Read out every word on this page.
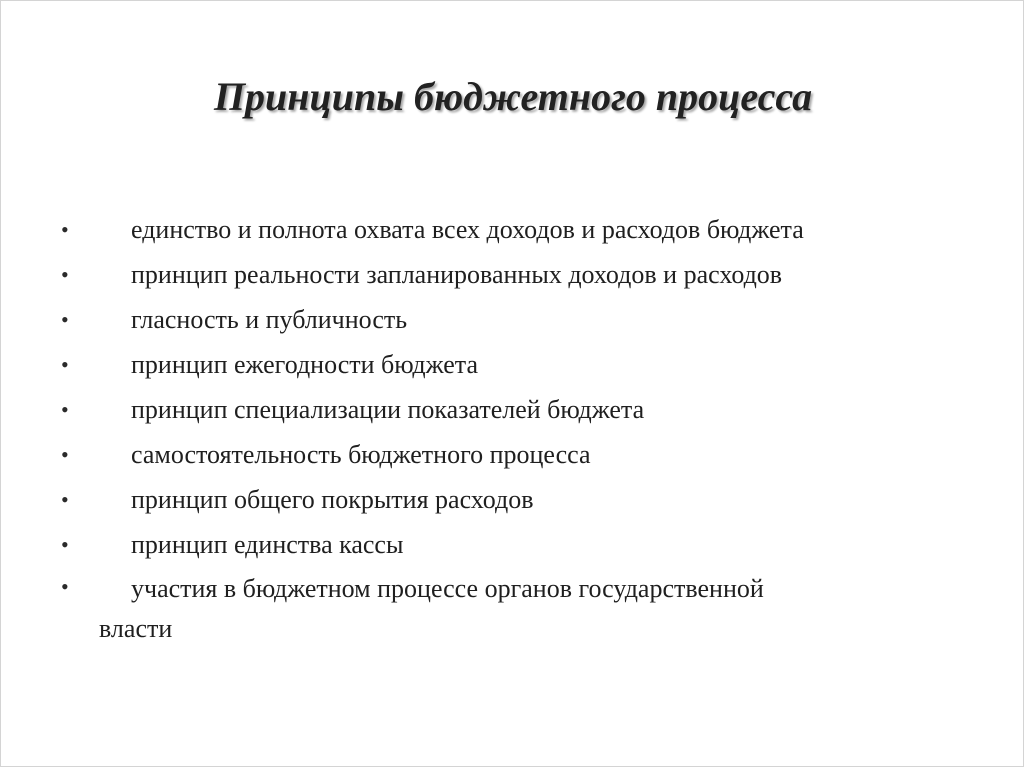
Принципы бюджетного процесса
• единство и полнота охвата всех доходов и расходов бюджета
• принцип реальности запланированных доходов и расходов
• гласность и публичность
• принцип ежегодности бюджета
• принцип специализации показателей бюджета
• самостоятельность бюджетного процесса
• принцип общего покрытия расходов
• принцип единства кассы
• участия в бюджетном процессе органов государственной
власти
